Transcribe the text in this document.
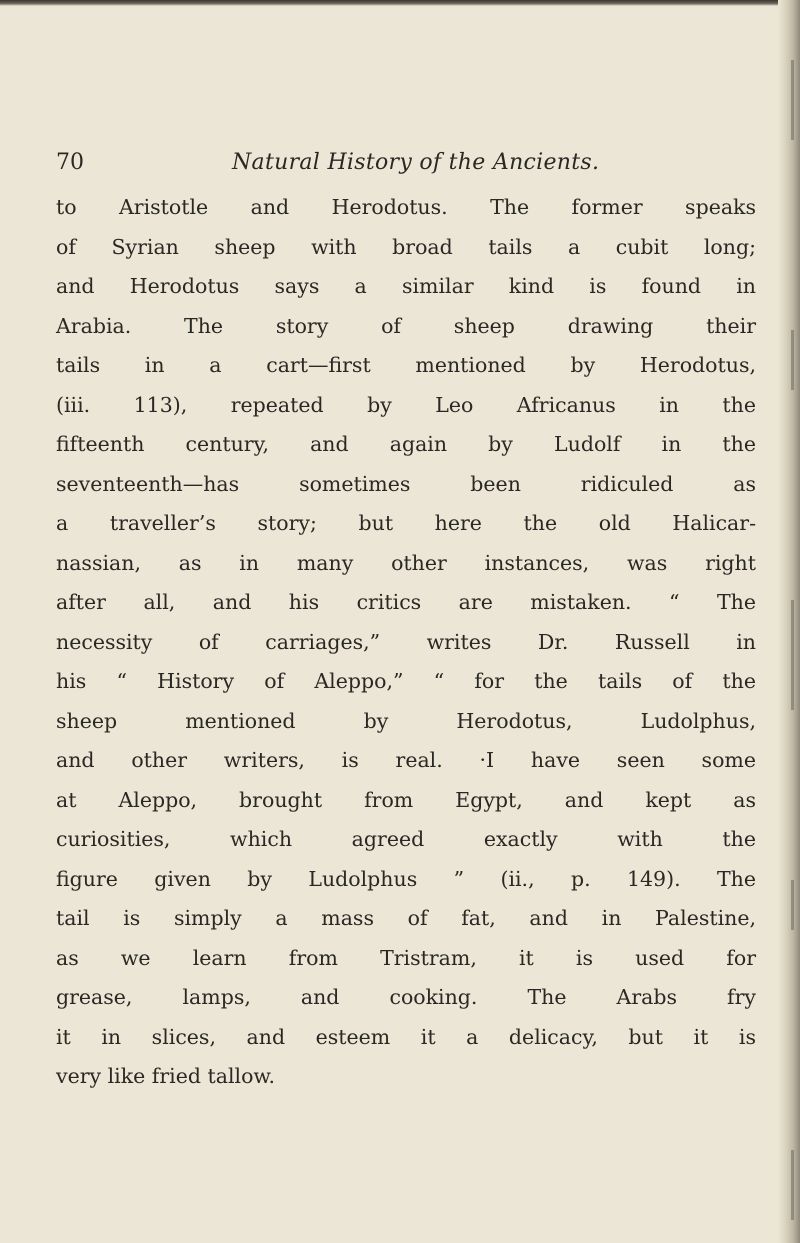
70	Natural History of the Ancients.
to Aristotle and Herodotus. The former speaks
of Syrian sheep with broad tails a cubit long;
and Herodotus says a similar kind is found in
Arabia. The story of sheep drawing their
tails in a cart—first mentioned by Herodotus,
(iii. 113), repeated by Leo Africanus in the
fifteenth century, and again by Ludolf in the
seventeenth—has sometimes been ridiculed as
a traveller’s story; but here the old Halicar-
nassian, as in many other instances, was right
after all, and his critics are mistaken. “ The
necessity of carriages,” writes Dr. Russell in
his “ History of Aleppo,” “ for the tails of the
sheep mentioned by Herodotus, Ludolphus,
and other writers, is real. ·I have seen some
at Aleppo, brought from Egypt, and kept as
curiosities, which agreed exactly with the
figure given by Ludolphus ” (ii., p. 149). The
tail is simply a mass of fat, and in Palestine,
as we learn from Tristram, it is used for
grease, lamps, and cooking. The Arabs fry
it in slices, and esteem it a delicacy, but it is
very like fried tallow.
